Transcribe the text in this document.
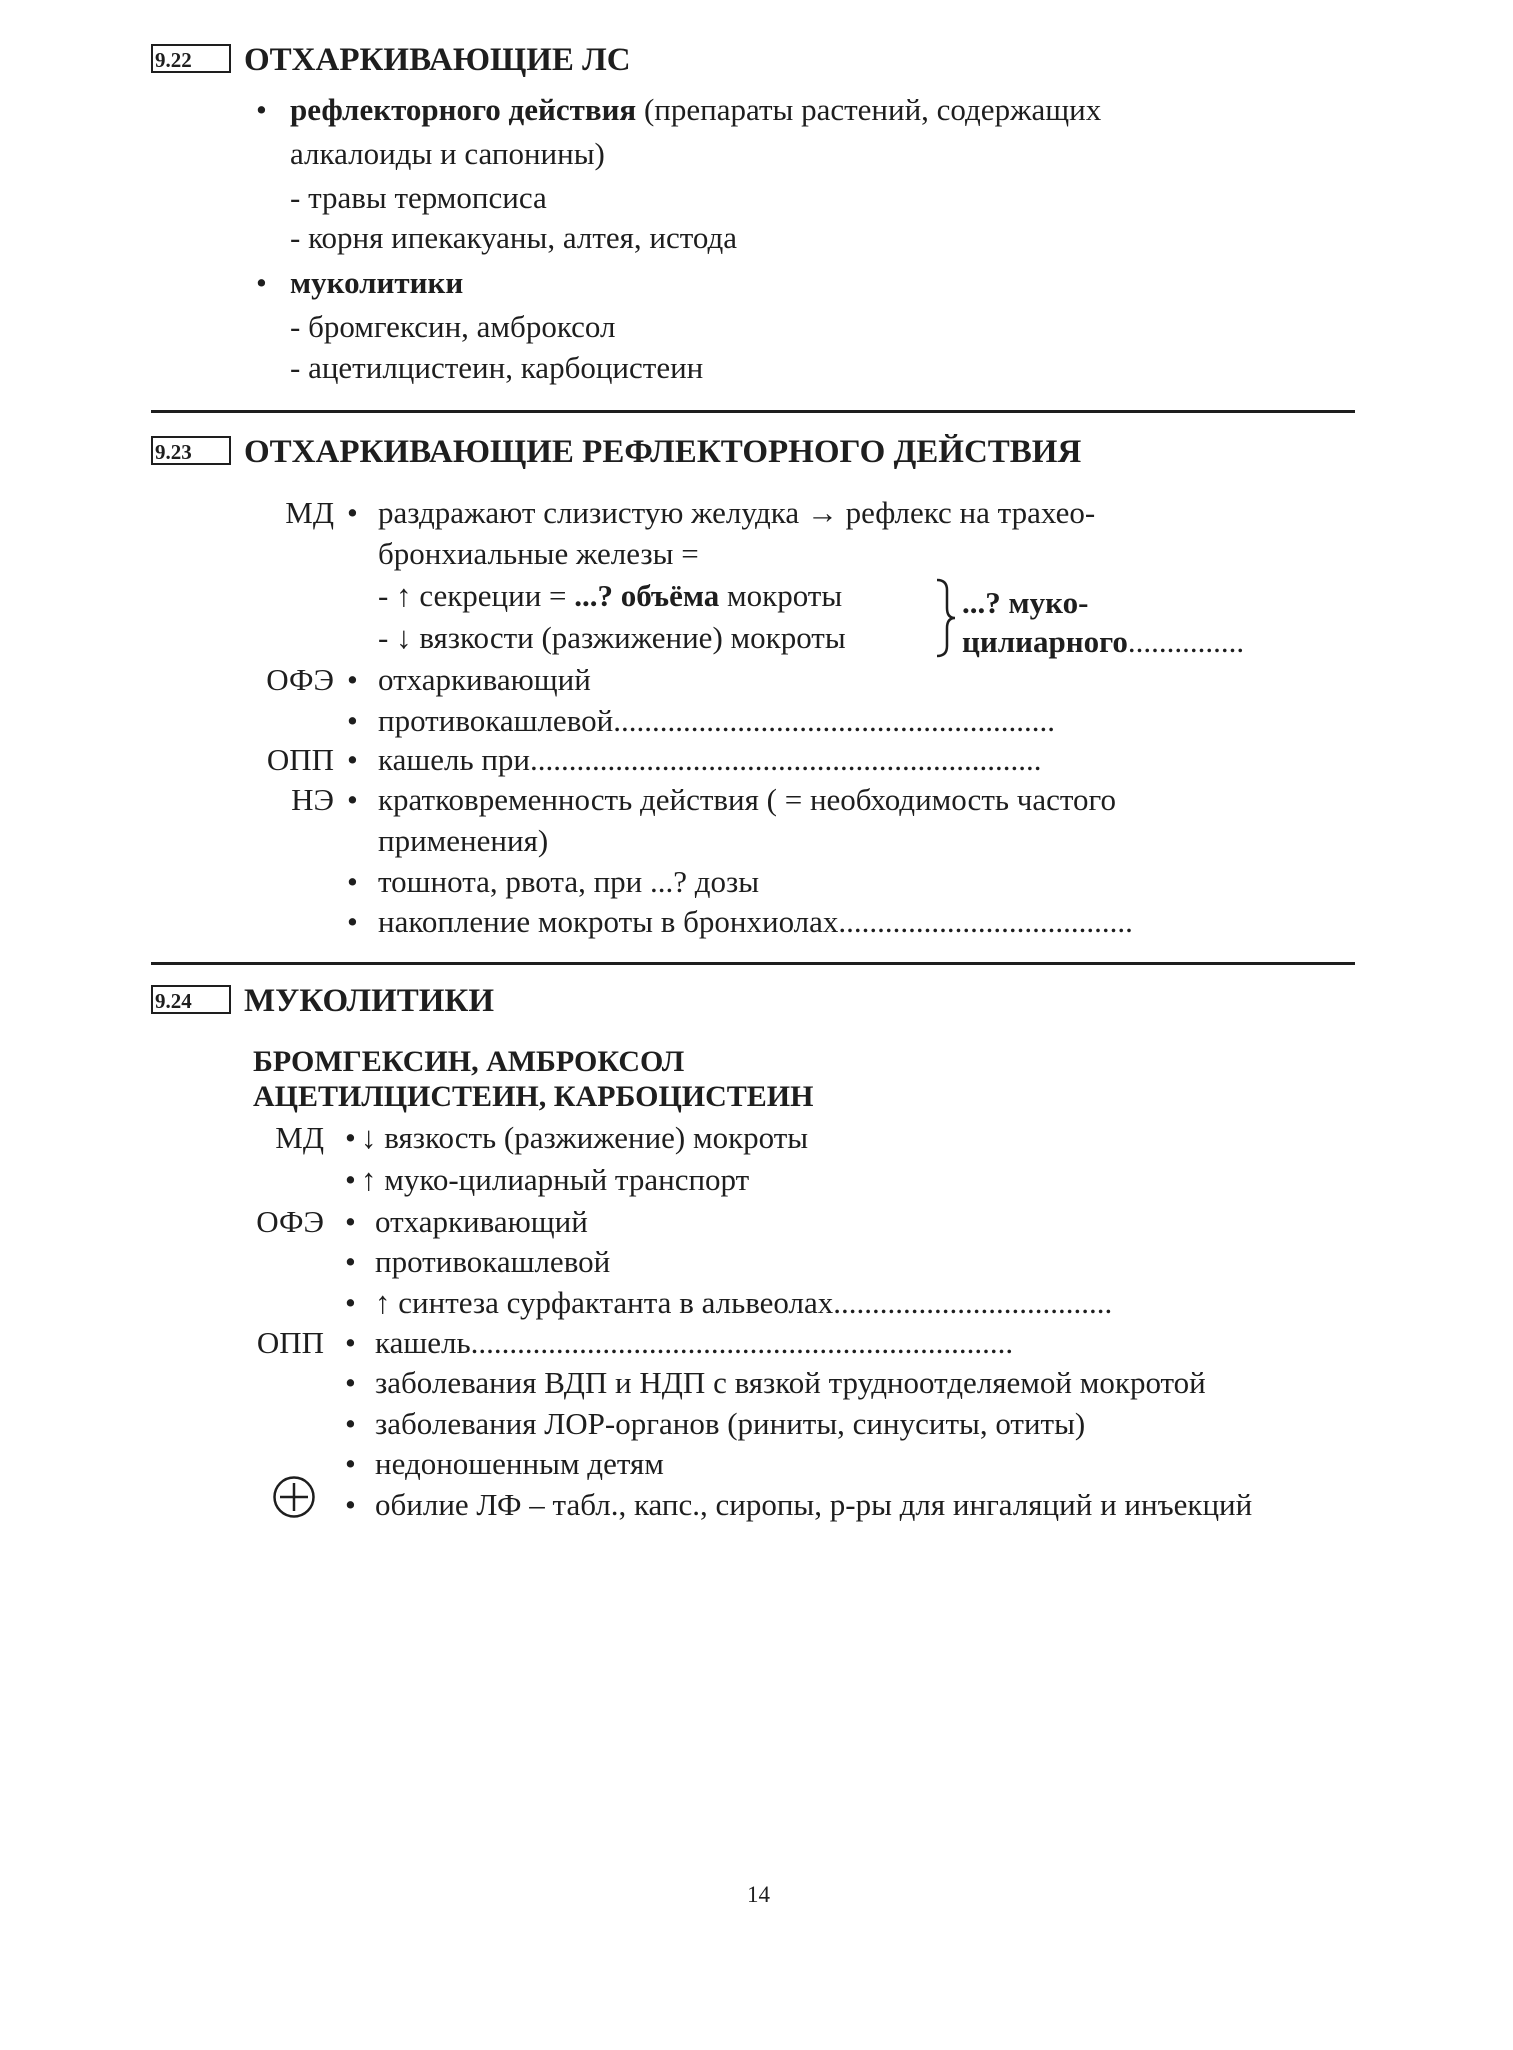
9.22	ОТХАРКИВАЮЩИЕ ЛС
• рефлекторного действия (препараты растений, содержащих
алкалоиды и сапонины)
- травы термопсиса
- корня ипекакуаны, алтея, истода
• муколитики
- бромгексин, амброксол
- ацетилцистеин, карбоцистеин
9.23	ОТХАРКИВАЮЩИЕ РЕФЛЕКТОРНОГО ДЕЙСТВИЯ
МД • раздражают слизистую желудка → рефлекс на трахео-
бронхиальные железы =
- ↑ секреции = ...? объёма мокроты
- ↓ вязкости (разжижение) мокроты
...? муко-
цилиарного...............
ОФЭ • отхаркивающий
• противокашлевой.........................................................
ОПП • кашель при..................................................................
НЭ • кратковременность действия ( = необходимость частого
применения)
• тошнота, рвота, при ...? дозы
• накопление мокроты в бронхиолах......................................
9.24	МУКОЛИТИКИ
БРОМГЕКСИН, АМБРОКСОЛ
АЦЕТИЛЦИСТЕИН, КАРБОЦИСТЕИН
МД • ↓ вязкость (разжижение) мокроты
• ↑ муко-цилиарный транспорт
ОФЭ • отхаркивающий
• противокашлевой
• ↑ синтеза сурфактанта в альвеолах....................................
ОПП • кашель......................................................................
• заболевания ВДП и НДП с вязкой трудноотделяемой мокротой
• заболевания ЛОР-органов (риниты, синуситы, отиты)
• недоношенным детям
• обилие ЛФ – табл., капс., сиропы, р-ры для ингаляций и инъекций
14
